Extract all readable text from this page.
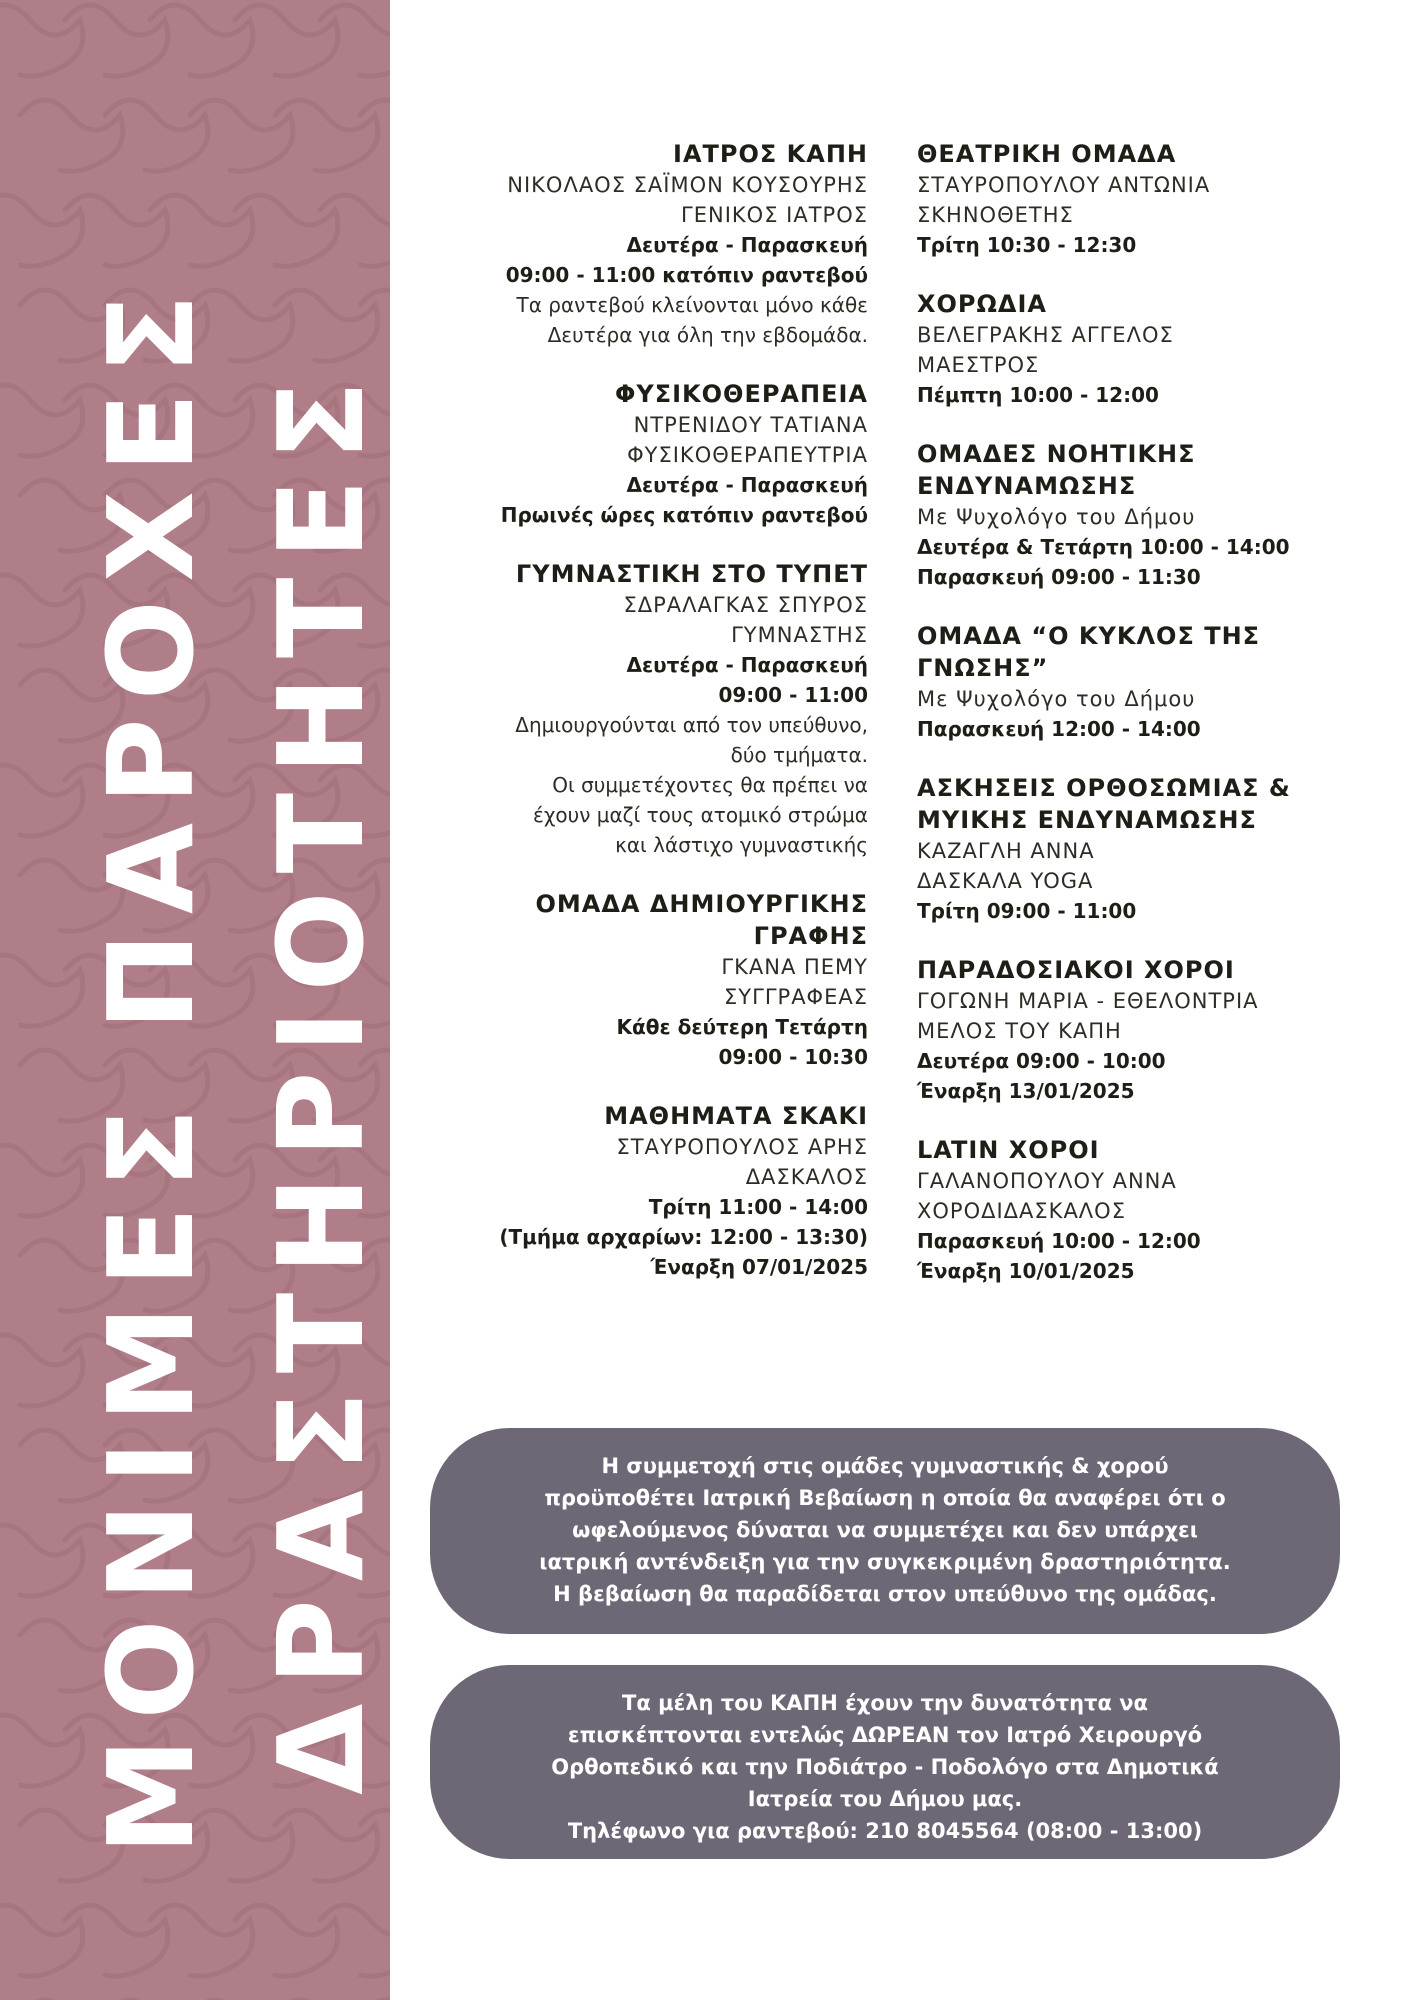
ΜΟΝΙΜΕΣ ΠΑΡΟΧΕΣ ΔΡΑΣΤΗΡΙΟΤΗΤΕΣ
ΙΑΤΡΟΣ ΚΑΠΗ
ΝΙΚΟΛΑΟΣ ΣΑΪΜΟΝ ΚΟΥΣΟΥΡΗΣ
ΓΕΝΙΚΟΣ ΙΑΤΡΟΣ
Δευτέρα - Παρασκευή
09:00 - 11:00 κατόπιν ραντεβού
Τα ραντεβού κλείνονται μόνο κάθε
Δευτέρα για όλη την εβδομάδα.
ΦΥΣΙΚΟΘΕΡΑΠΕΙΑ
ΝΤΡΕΝΙΔΟΥ ΤΑΤΙΑΝΑ
ΦΥΣΙΚΟΘΕΡΑΠΕΥΤΡΙΑ
Δευτέρα - Παρασκευή
Πρωινές ώρες κατόπιν ραντεβού
ΓΥΜΝΑΣΤΙΚΗ ΣΤΟ ΤΥΠΕΤ
ΣΔΡΑΛΑΓΚΑΣ ΣΠΥΡΟΣ
ΓΥΜΝΑΣΤΗΣ
Δευτέρα - Παρασκευή
09:00 - 11:00
Δημιουργούνται από τον υπεύθυνο,
δύο τμήματα.
Οι συμμετέχοντες θα πρέπει να
έχουν μαζί τους ατομικό στρώμα
και λάστιχο γυμναστικής
ΟΜΑΔΑ ΔΗΜΙΟΥΡΓΙΚΗΣ
ΓΡΑΦΗΣ
ΓΚΑΝΑ ΠΕΜΥ
ΣΥΓΓΡΑΦΕΑΣ
Κάθε δεύτερη Τετάρτη
09:00 - 10:30
ΜΑΘΗΜΑΤΑ ΣΚΑΚΙ
ΣΤΑΥΡΟΠΟΥΛΟΣ ΑΡΗΣ
ΔΑΣΚΑΛΟΣ
Τρίτη 11:00 - 14:00
(Τμήμα αρχαρίων: 12:00 - 13:30)
Έναρξη 07/01/2025
ΘΕΑΤΡΙΚΗ ΟΜΑΔΑ
ΣΤΑΥΡΟΠΟΥΛΟΥ ΑΝΤΩΝΙΑ
ΣΚΗΝΟΘΕΤΗΣ
Τρίτη 10:30 - 12:30
ΧΟΡΩΔΙΑ
ΒΕΛΕΓΡΑΚΗΣ ΑΓΓΕΛΟΣ
ΜΑΕΣΤΡΟΣ
Πέμπτη 10:00 - 12:00
ΟΜΑΔΕΣ ΝΟΗΤΙΚΗΣ
ΕΝΔΥΝΑΜΩΣΗΣ
Με Ψυχολόγο του Δήμου
Δευτέρα & Τετάρτη 10:00 - 14:00
Παρασκευή 09:00 - 11:30
ΟΜΑΔΑ “Ο ΚΥΚΛΟΣ ΤΗΣ
ΓΝΩΣΗΣ”
Με Ψυχολόγο του Δήμου
Παρασκευή 12:00 - 14:00
ΑΣΚΗΣΕΙΣ ΟΡΘΟΣΩΜΙΑΣ &
ΜΥΙΚΗΣ ΕΝΔΥΝΑΜΩΣΗΣ
ΚΑΖΑΓΛΗ ΑΝΝΑ
ΔΑΣΚΑΛΑ YOGA
Τρίτη 09:00 - 11:00
ΠΑΡΑΔΟΣΙΑΚΟΙ ΧΟΡΟΙ
ΓΟΓΩΝΗ ΜΑΡΙΑ - ΕΘΕΛΟΝΤΡΙΑ
ΜΕΛΟΣ ΤΟΥ ΚΑΠΗ
Δευτέρα 09:00 - 10:00
Έναρξη 13/01/2025
LATIN ΧΟΡΟΙ
ΓΑΛΑΝΟΠΟΥΛΟΥ ΑΝΝΑ
ΧΟΡΟΔΙΔΑΣΚΑΛΟΣ
Παρασκευή 10:00 - 12:00
Έναρξη 10/01/2025
Η συμμετοχή στις ομάδες γυμναστικής & χορού
προϋποθέτει Ιατρική Βεβαίωση η οποία θα αναφέρει ότι ο
ωφελούμενος δύναται να συμμετέχει και δεν υπάρχει
ιατρική αντένδειξη για την συγκεκριμένη δραστηριότητα.
Η βεβαίωση θα παραδίδεται στον υπεύθυνο της ομάδας.
Τα μέλη του ΚΑΠΗ έχουν την δυνατότητα να
επισκέπτονται εντελώς ΔΩΡΕΑΝ τον Ιατρό Χειρουργό
Ορθοπεδικό και την Ποδιάτρο - Ποδολόγο στα Δημοτικά
Ιατρεία του Δήμου μας.
Τηλέφωνο για ραντεβού: 210 8045564 (08:00 - 13:00)
